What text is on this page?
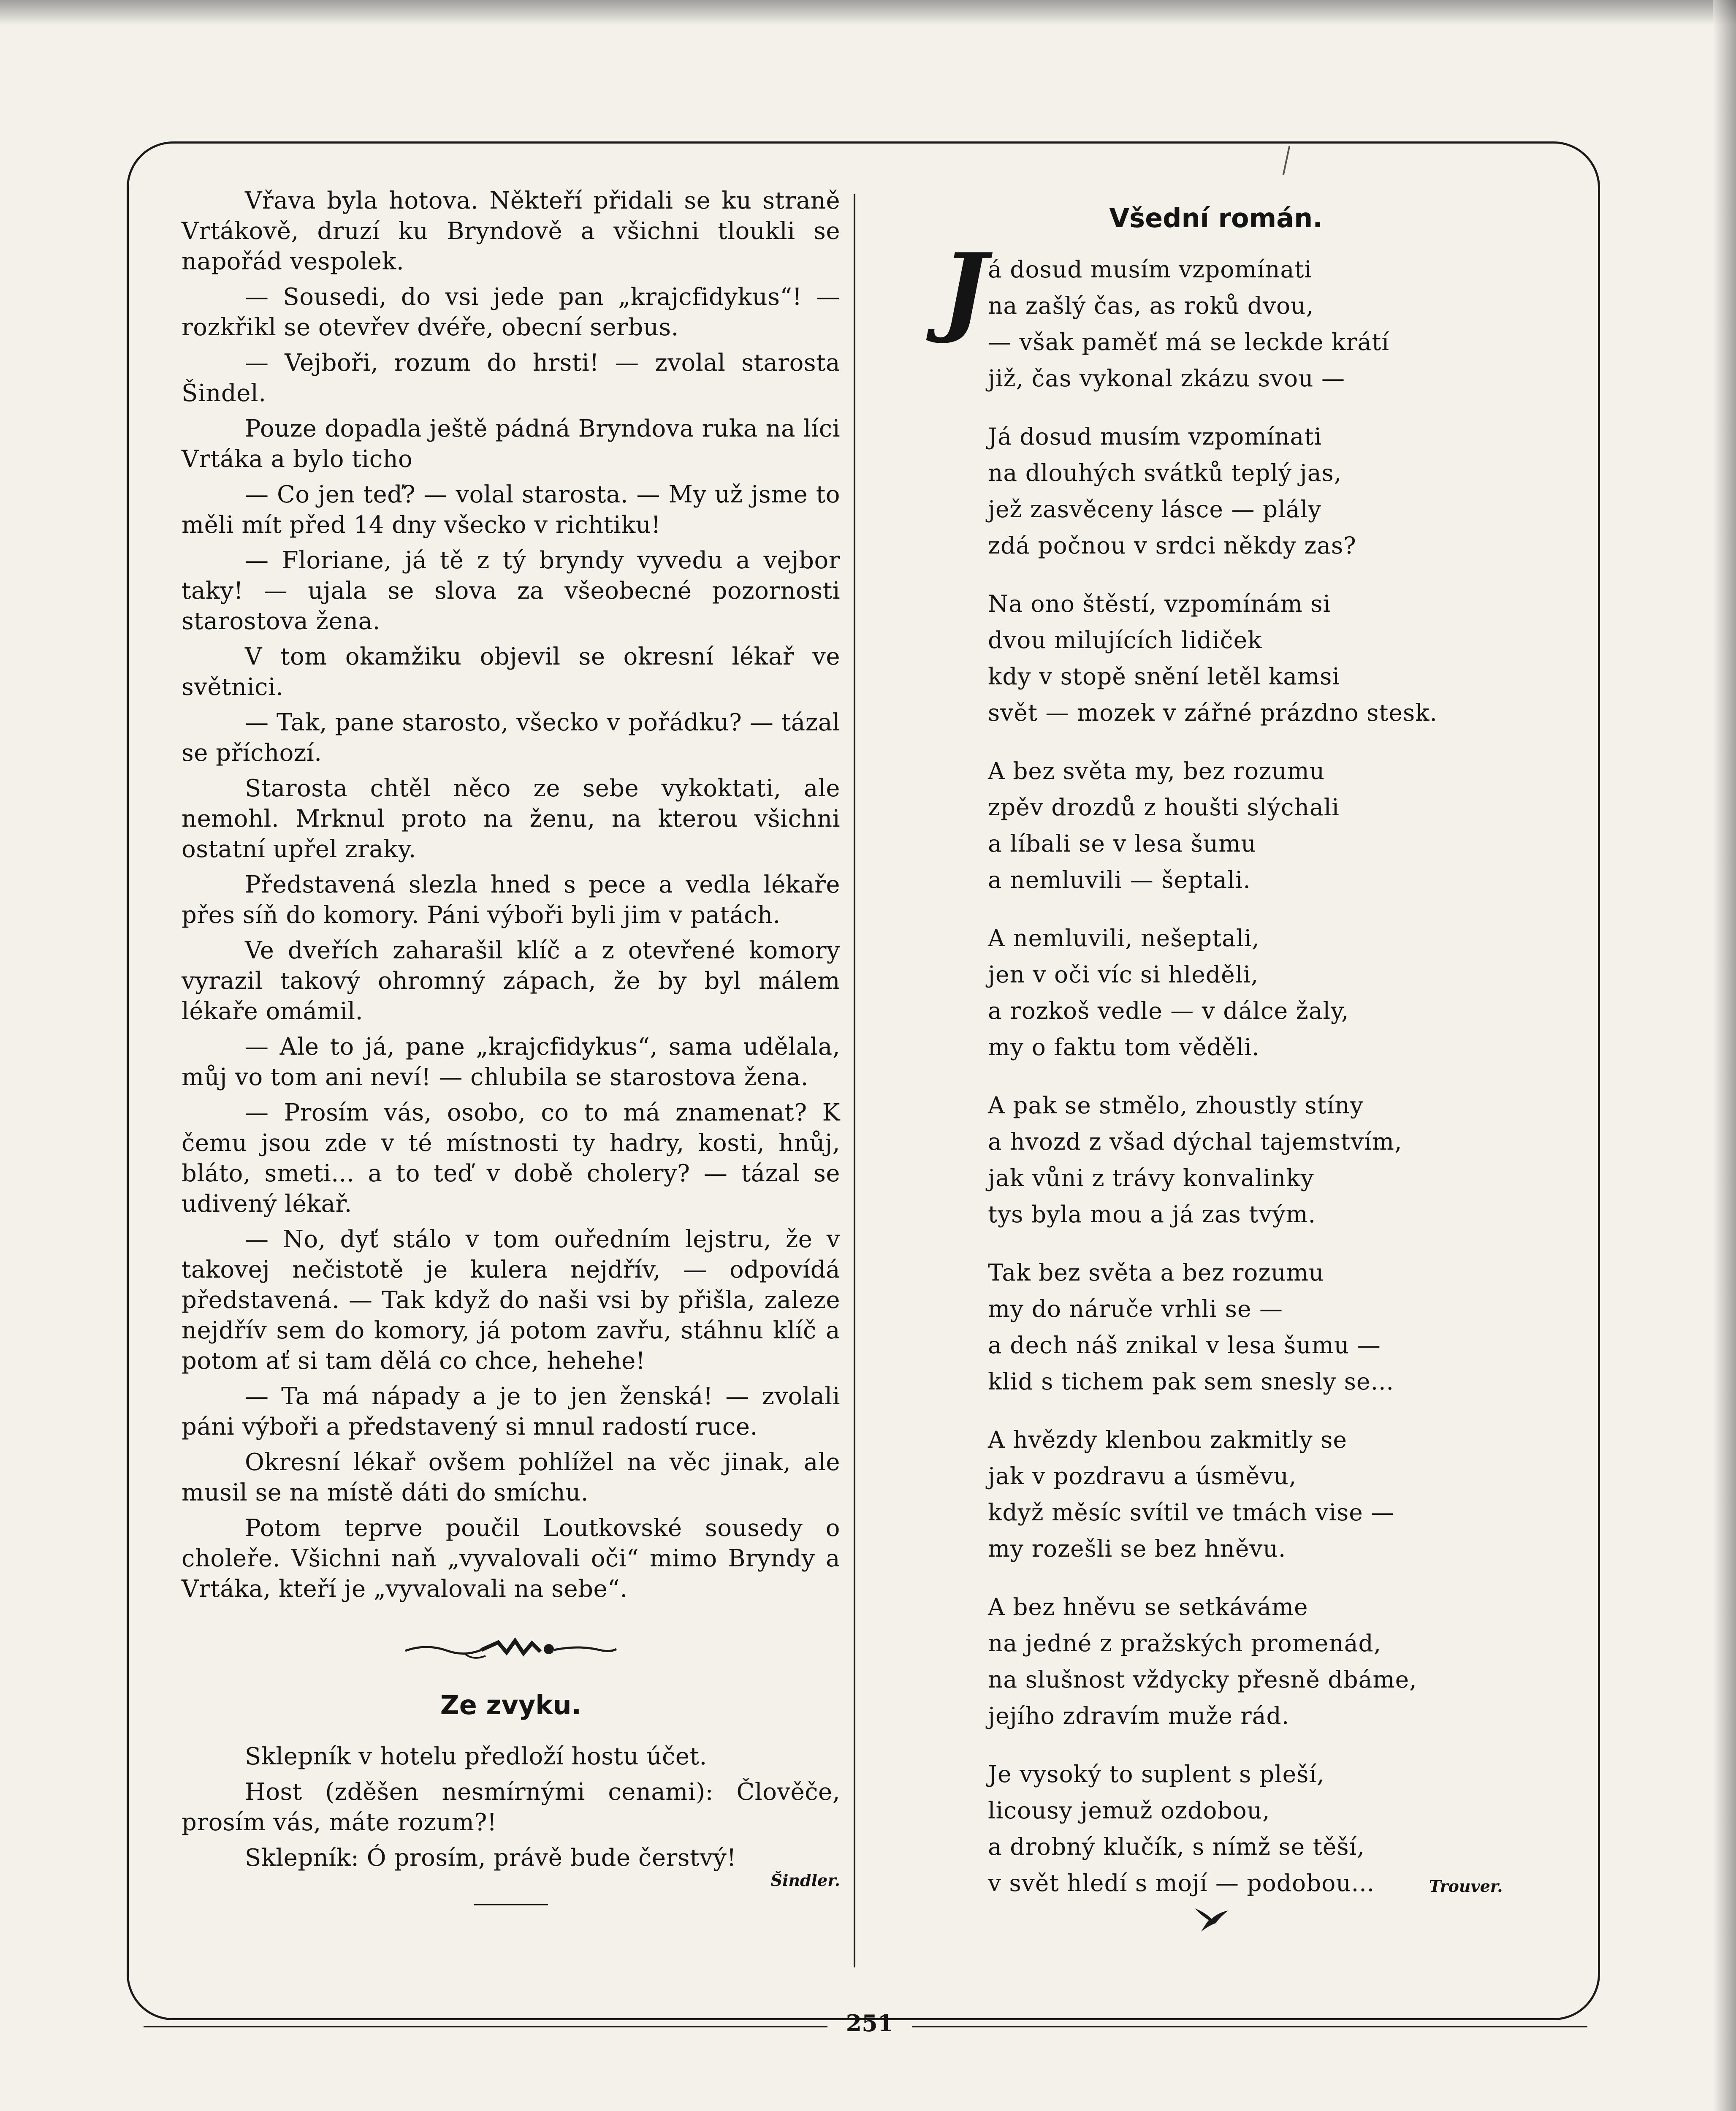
Vřava byla hotova. Někteří přidali se ku straně Vrtákově, druzí ku Bryndově a všichni tloukli se napořád vespolek.

— Sousedi, do vsi jede pan „krajcfidykus“! — rozkřikl se otevřev dvéře, obecní serbus.

— Vejboři, rozum do hrsti! — zvolal starosta Šindel.

Pouze dopadla ještě pádná Bryndova ruka na líci Vrtáka a bylo ticho

— Co jen teď? — volal starosta. — My už jsme to měli mít před 14 dny všecko v richtiku!

— Floriane, já tě z tý bryndy vyvedu a vejbor taky! — ujala se slova za všeobecné pozornosti starostova žena.

V tom okamžiku objevil se okresní lékař ve světnici.

— Tak, pane starosto, všecko v pořádku? — tázal se příchozí.

Starosta chtěl něco ze sebe vykoktati, ale nemohl. Mrknul proto na ženu, na kterou všichni ostatní upřel zraky.

Představená slezla hned s pece a vedla lékaře přes síň do komory. Páni výboři byli jim v patách.

Ve dveřích zaharašil klíč a z otevřené komory vyrazil takový ohromný zápach, že by byl málem lékaře omámil.

— Ale to já, pane „krajcfidykus“, sama udělala, můj vo tom ani neví! — chlubila se starostova žena.

— Prosím vás, osobo, co to má znamenat? K čemu jsou zde v té místnosti ty hadry, kosti, hnůj, bláto, smeti... a to teď v době cholery? — tázal se udivený lékař.

— No, dyť stálo v tom ouředním lejstru, že v takovej nečistotě je kulera nejdřív, — odpovídá představená. — Tak když do naši vsi by přišla, zaleze nejdřív sem do komory, já potom zavřu, stáhnu klíč a potom ať si tam dělá co chce, hehehe!

— Ta má nápady a je to jen ženská! — zvolali páni výboři a představený si mnul radostí ruce.

Okresní lékař ovšem pohlížel na věc jinak, ale musil se na místě dáti do smíchu.

Potom teprve poučil Loutkovské sousedy o choleře. Všichni naň „vyvalovali oči“ mimo Bryndy a Vrtáka, kteří je „vyvalovali na sebe“.

Ze zvyku.

Sklepník v hotelu předloží hostu účet.

Host (zděšen nesmírnými cenami): Člověče, prosím vás, máte rozum?!

Sklepník: Ó prosím, právě bude čerstvý!

Šindler.
Všední román.
J á dosud musím vzpomínati
na zašlý čas, as roků dvou,
— však paměť má se leckde krátí
již, čas vykonal zkázu svou —
Já dosud musím vzpomínati
na dlouhých svátků teplý jas,
jež zasvěceny lásce — plály
zdá počnou v srdci někdy zas?
Na ono štěstí, vzpomínám si
dvou milujících lidiček
kdy v stopě snění letěl kamsi
svět — mozek v zářné prázdno stesk.
A bez světa my, bez rozumu
zpěv drozdů z houšti slýchali
a líbali se v lesa šumu
a nemluvili — šeptali.
A nemluvili, nešeptali,
jen v oči víc si hleděli,
a rozkoš vedle — v dálce žaly,
my o faktu tom věděli.
A pak se stmělo, zhoustly stíny
a hvozd z všad dýchal tajemstvím,
jak vůni z trávy konvalinky
tys byla mou a já zas tvým.
Tak bez světa a bez rozumu
my do náruče vrhli se —
a dech náš znikal v lesa šumu —
klid s tichem pak sem snesly se...
A hvězdy klenbou zakmitly se
jak v pozdravu a úsměvu,
když měsíc svítil ve tmách vise —
my rozešli se bez hněvu.
A bez hněvu se setkáváme
na jedné z pražských promenád,
na slušnost vždycky přesně dbáme,
jejího zdravím muže rád.
Je vysoký to suplent s pleší,
licousy jemuž ozdobou,
a drobný klučík, s nímž se těší,
v svět hledí s mojí — podobou...	Trouver.
251
